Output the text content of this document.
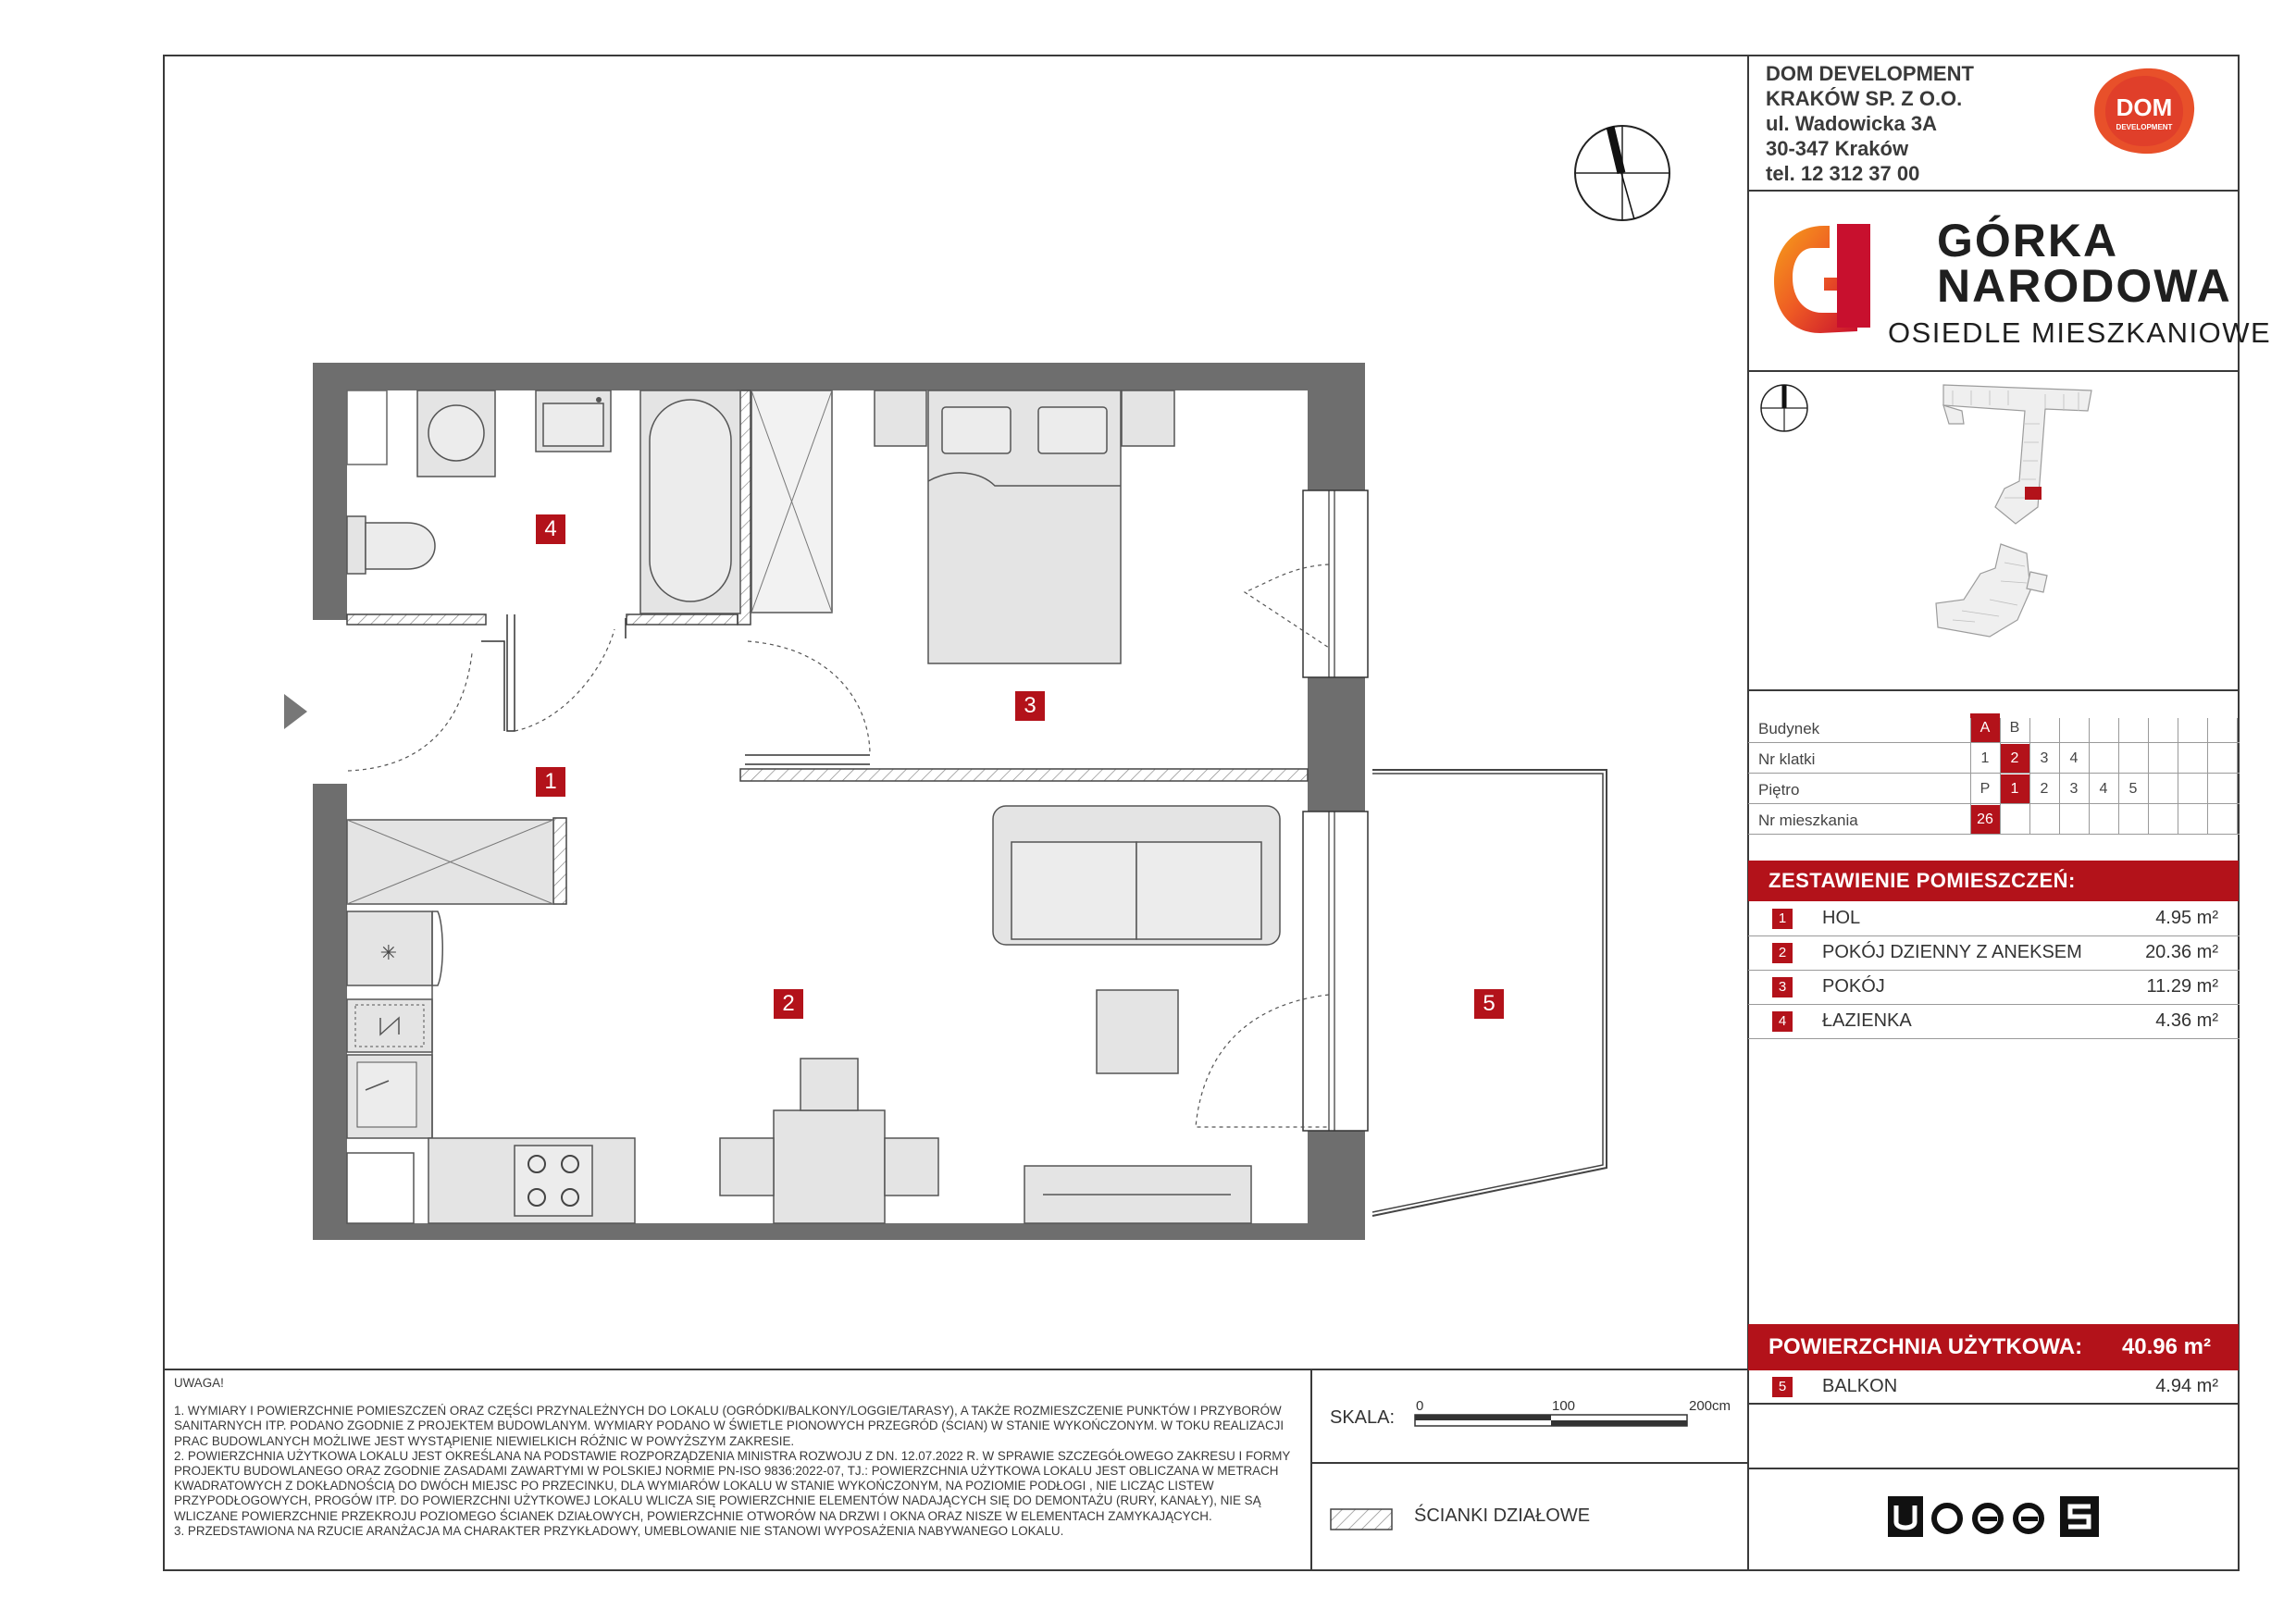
DOM DEVELOPMENT
KRAKÓW SP. Z O.O.
ul. Wadowicka 3A
30-347 Kraków
tel. 12 312 37 00
DOM
DEVELOPMENT
GÓRKA
NARODOWA
OSIEDLE MIESZKANIOWE
Budynek	A	B
Nr klatki	1	2	3	4
Piętro	P	1	2	3	4	5
Nr mieszkania	26
ZESTAWIENIE POMIESZCZEŃ:
1	HOL	4.95 m²
2	POKÓJ DZIENNY Z ANEKSEM	20.36 m²
3	POKÓJ	11.29 m²
4	ŁAZIENKA	4.36 m²
POWIERZCHNIA UŻYTKOWA: 40.96 m²
5	BALKON	4.94 m²
✳
4
3
1
2	5

UWAGA!

1. WYMIARY I POWIERZCHNIE POMIESZCZEŃ ORAZ CZĘŚCI PRZYNALEŻNYCH DO LOKALU (OGRÓDKI/BALKONY/LOGGIE/TARASY), A TAKŻE ROZMIESZCZENIE PUNKTÓW I PRZYBORÓW SANITARNYCH ITP. PODANO ZGODNIE Z PROJEKTEM BUDOWLANYM. WYMIARY PODANO W ŚWIETLE PIONOWYCH PRZEGRÓD (ŚCIAN) W STANIE WYKOŃCZONYM. W TOKU REALIZACJI PRAC BUDOWLANYCH MOŻLIWE JEST WYSTĄPIENIE NIEWIELKICH RÓŻNIC W POWYŻSZYM ZAKRESIE.

2. POWIERZCHNIA UŻYTKOWA LOKALU JEST OKREŚLANA NA PODSTAWIE ROZPORZĄDZENIA MINISTRA ROZWOJU Z DN. 12.07.2022 R. W SPRAWIE SZCZEGÓŁOWEGO ZAKRESU I FORMY PROJEKTU BUDOWLANEGO ORAZ ZGODNIE ZASADAMI ZAWARTYMI W POLSKIEJ NORMIE PN-ISO 9836:2022-07, TJ.: POWIERZCHNIA UŻYTKOWA LOKALU JEST OBLICZANA W METRACH KWADRATOWYCH Z DOKŁADNOŚCIĄ DO DWÓCH MIEJSC PO PRZECINKU, DLA WYMIARÓW LOKALU W STANIE WYKOŃCZONYM, NA POZIOMIE PODŁOGI , NIE LICZĄC LISTEW PRZYPODŁOGOWYCH, PROGÓW ITP. DO POWIERZCHNI UŻYTKOWEJ LOKALU WLICZA SIĘ POWIERZCHNIE ELEMENTÓW NADAJĄCYCH SIĘ DO DEMONTAŻU (RURY, KANAŁY), NIE SĄ WLICZANE POWIERZCHNIE PRZEKROJU POZIOMEGO ŚCIANEK DZIAŁOWYCH, POWIERZCHNIE OTWORÓW NA DRZWI I OKNA ORAZ NISZE W ELEMENTACH ZAMYKAJĄCYCH.

3. PRZEDSTAWIONA NA RZUCIE ARANŻACJA MA CHARAKTER PRZYKŁADOWY, UMEBLOWANIE NIE STANOWI WYPOSAŻENIA NABYWANEGO LOKALU.

SKALA:
0	100	200cm
ŚCIANKI DZIAŁOWE
